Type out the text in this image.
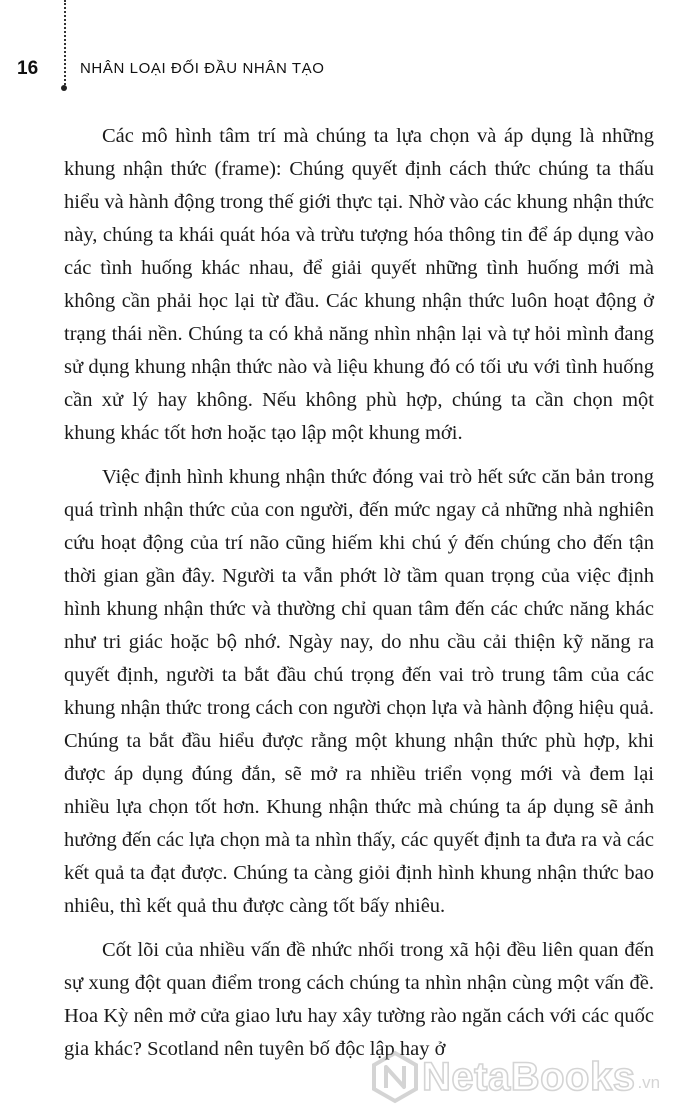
16	NHÂN LOẠI ĐỐI ĐẦU NHÂN TẠO

Các mô hình tâm trí mà chúng ta lựa chọn và áp dụng là những khung nhận thức (frame): Chúng quyết định cách thức chúng ta thấu hiểu và hành động trong thế giới thực tại. Nhờ vào các khung nhận thức này, chúng ta khái quát hóa và trừu tượng hóa thông tin để áp dụng vào các tình huống khác nhau, để giải quyết những tình huống mới mà không cần phải học lại từ đầu. Các khung nhận thức luôn hoạt động ở trạng thái nền. Chúng ta có khả năng nhìn nhận lại và tự hỏi mình đang sử dụng khung nhận thức nào và liệu khung đó có tối ưu với tình huống cần xử lý hay không. Nếu không phù hợp, chúng ta cần chọn một khung khác tốt hơn hoặc tạo lập một khung mới.

Việc định hình khung nhận thức đóng vai trò hết sức căn bản trong quá trình nhận thức của con người, đến mức ngay cả những nhà nghiên cứu hoạt động của trí não cũng hiếm khi chú ý đến chúng cho đến tận thời gian gần đây. Người ta vẫn phớt lờ tầm quan trọng của việc định hình khung nhận thức và thường chỉ quan tâm đến các chức năng khác như tri giác hoặc bộ nhớ. Ngày nay, do nhu cầu cải thiện kỹ năng ra quyết định, người ta bắt đầu chú trọng đến vai trò trung tâm của các khung nhận thức trong cách con người chọn lựa và hành động hiệu quả. Chúng ta bắt đầu hiểu được rằng một khung nhận thức phù hợp, khi được áp dụng đúng đắn, sẽ mở ra nhiều triển vọng mới và đem lại nhiều lựa chọn tốt hơn. Khung nhận thức mà chúng ta áp dụng sẽ ảnh hưởng đến các lựa chọn mà ta nhìn thấy, các quyết định ta đưa ra và các kết quả ta đạt được. Chúng ta càng giỏi định hình khung nhận thức bao nhiêu, thì kết quả thu được càng tốt bấy nhiêu.

Cốt lõi của nhiều vấn đề nhức nhối trong xã hội đều liên quan đến sự xung đột quan điểm trong cách chúng ta nhìn nhận cùng một vấn đề. Hoa Kỳ nên mở cửa giao lưu hay xây tường rào ngăn cách với các quốc gia khác? Scotland nên tuyên bố độc lập hay ở

NetaBooks .vn
